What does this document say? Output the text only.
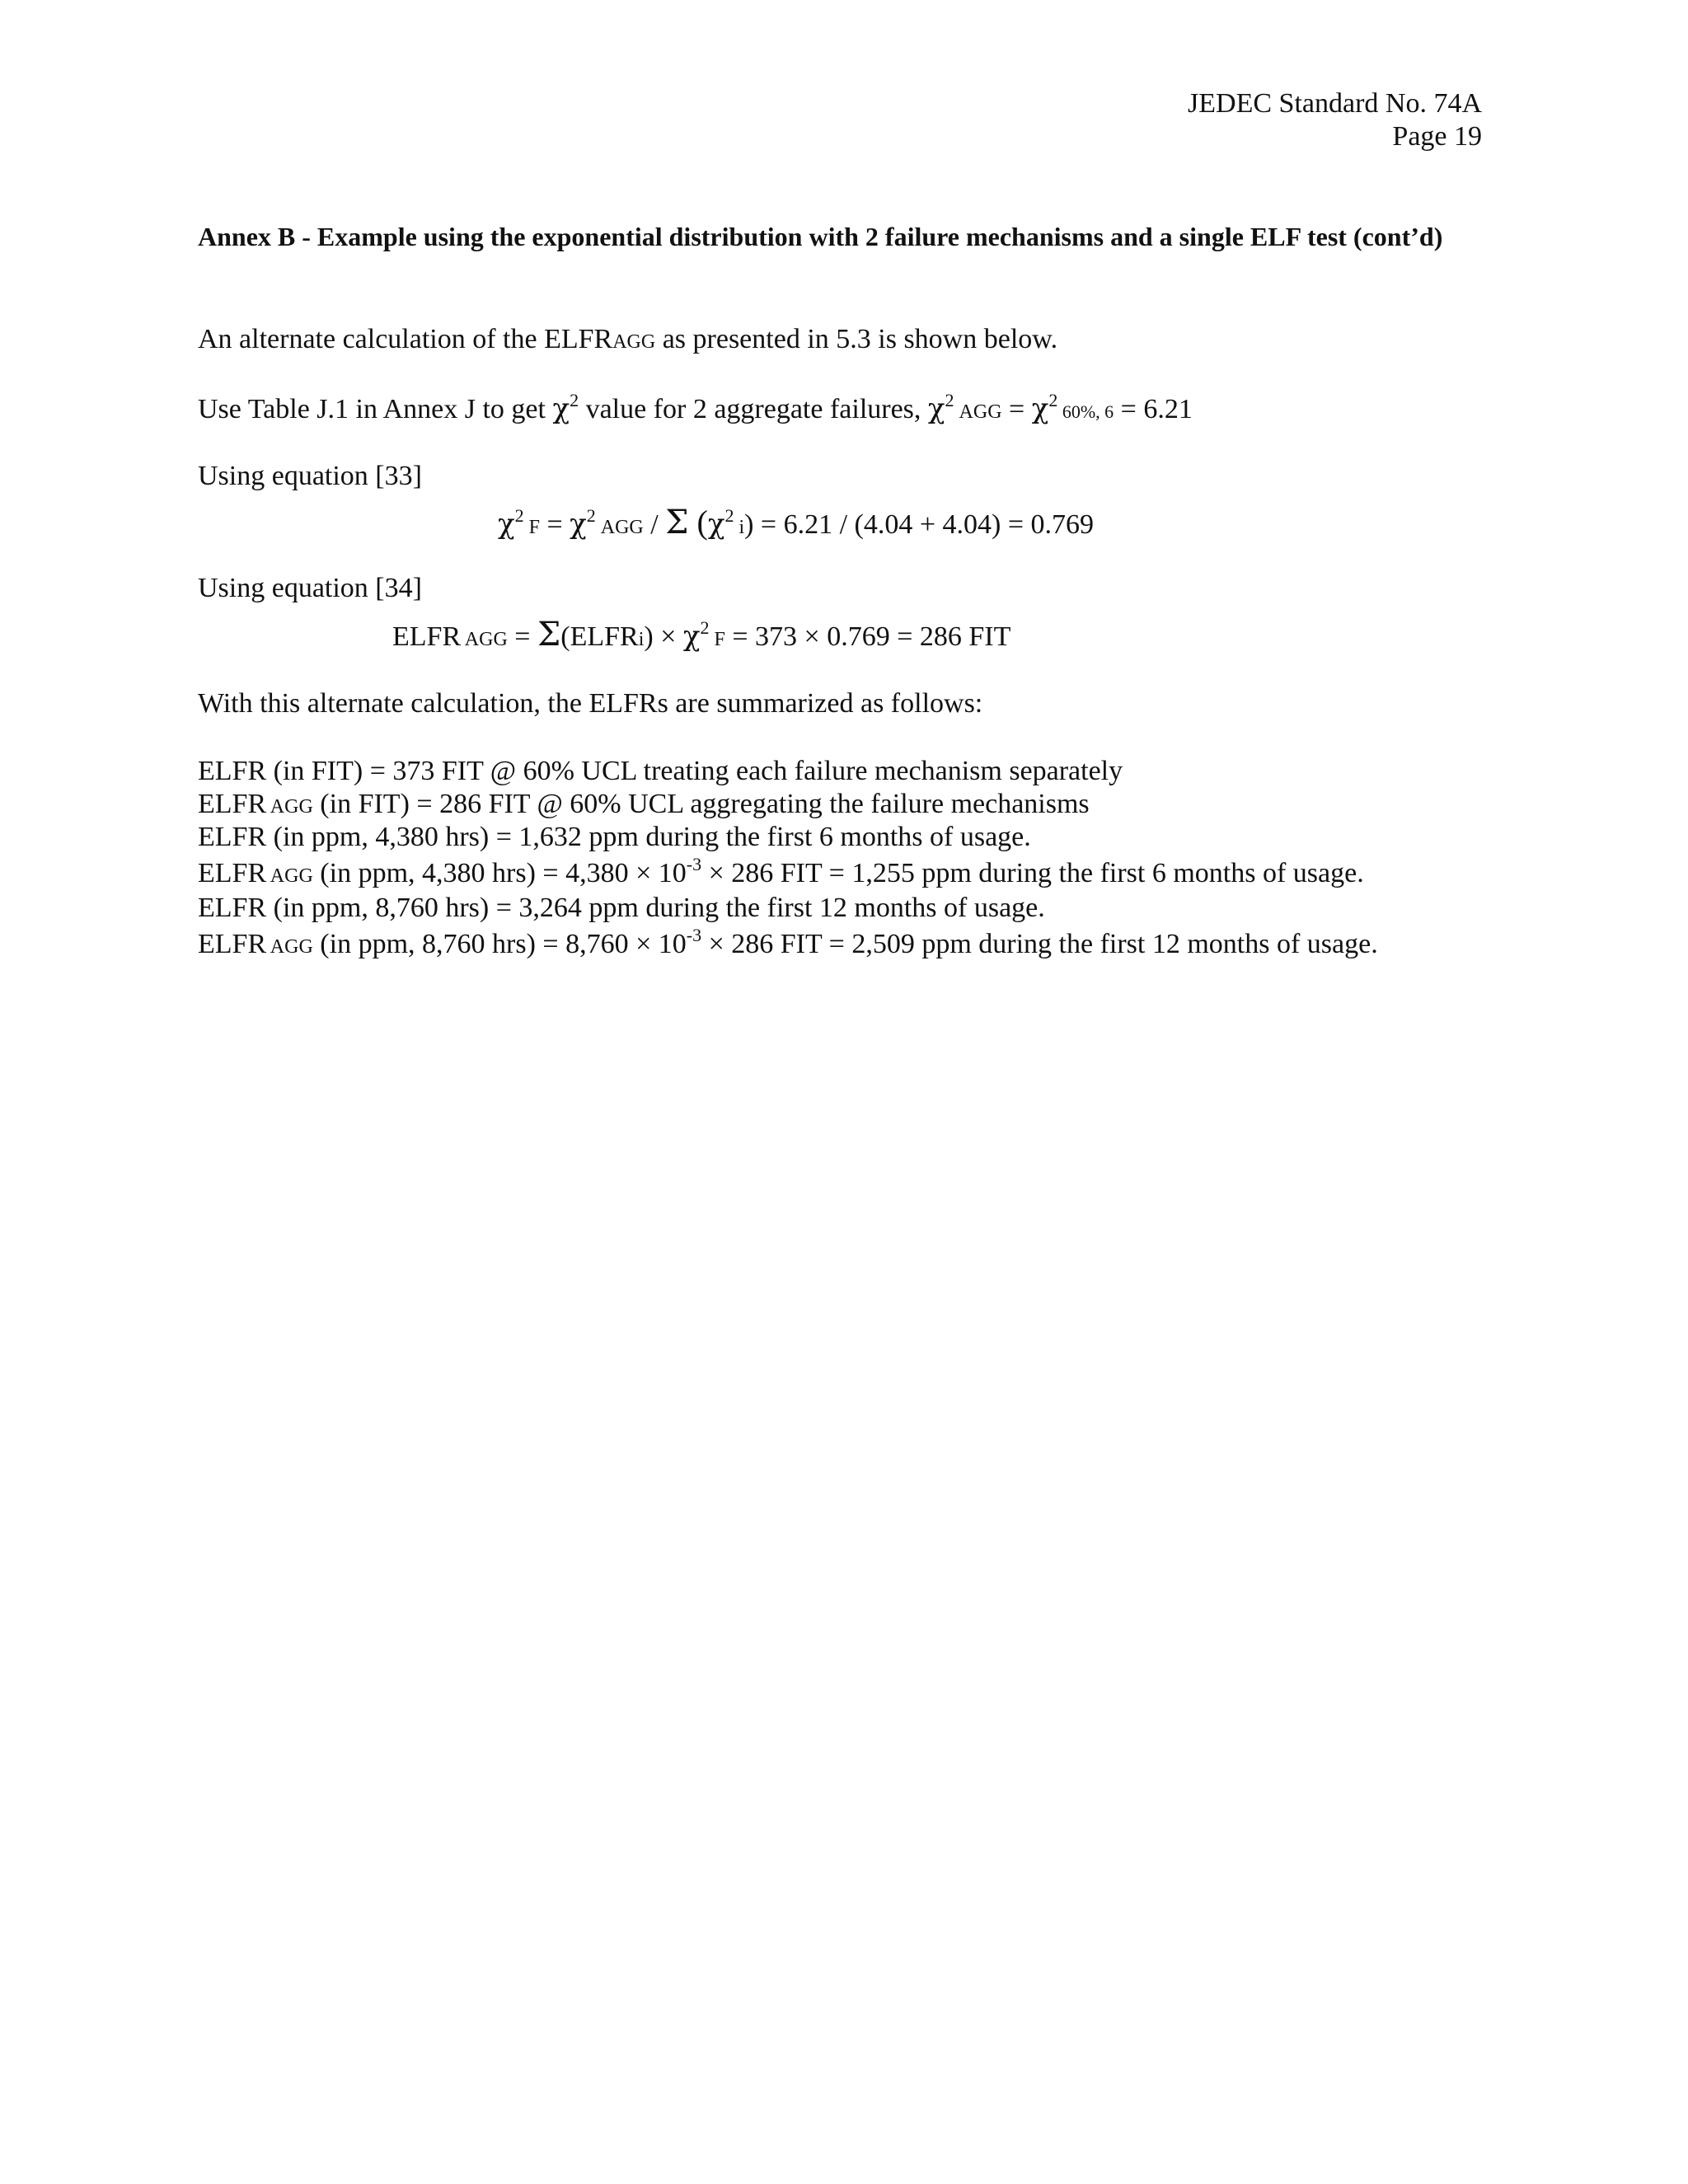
JEDEC Standard No. 74A
Page 19
Annex B - Example using the exponential distribution with 2 failure mechanisms and a single ELF test (cont’d)
An alternate calculation of the ELFRAGG as presented in 5.3 is shown below.
Use Table J.1 in Annex J to get $\chi^2$ value for 2 aggregate failures, $\chi^2$ AGG = $\chi^2$ 60%, 6 = 6.21
Using equation [33]
$\chi^2$ $F = \chi^2$ AGG / Σ ($\chi^2$ i) = 6.21 / (4.04 + 4.04) = 0.769
Using equation [34]
ELFR AGG = Σ(ELFRi) × $\chi^2$ F = 373 × 0.769 = 286 FIT
With this alternate calculation, the ELFRs are summarized as follows:
ELFR (in FIT) = 373 FIT @ 60% UCL treating each failure mechanism separately
ELFR AGG (in FIT) = 286 FIT @ 60% UCL aggregating the failure mechanisms
ELFR (in ppm, 4,380 hrs) = 1,632 ppm during the first 6 months of usage.
ELFR AGG (in ppm, 4,380 $hrs) = 4,380 \times 10^{-3} \times 286$ FIT = 1,255 ppm during the first 6 months of usage.
ELFR (in ppm, 8,760 hrs) = 3,264 ppm during the first 12 months of usage.
ELFR AGG (in ppm, 8,760 $hrs) = 8,760 \times 10^{-3} \times 286$ FIT = 2,509 ppm during the first 12 months of usage.
